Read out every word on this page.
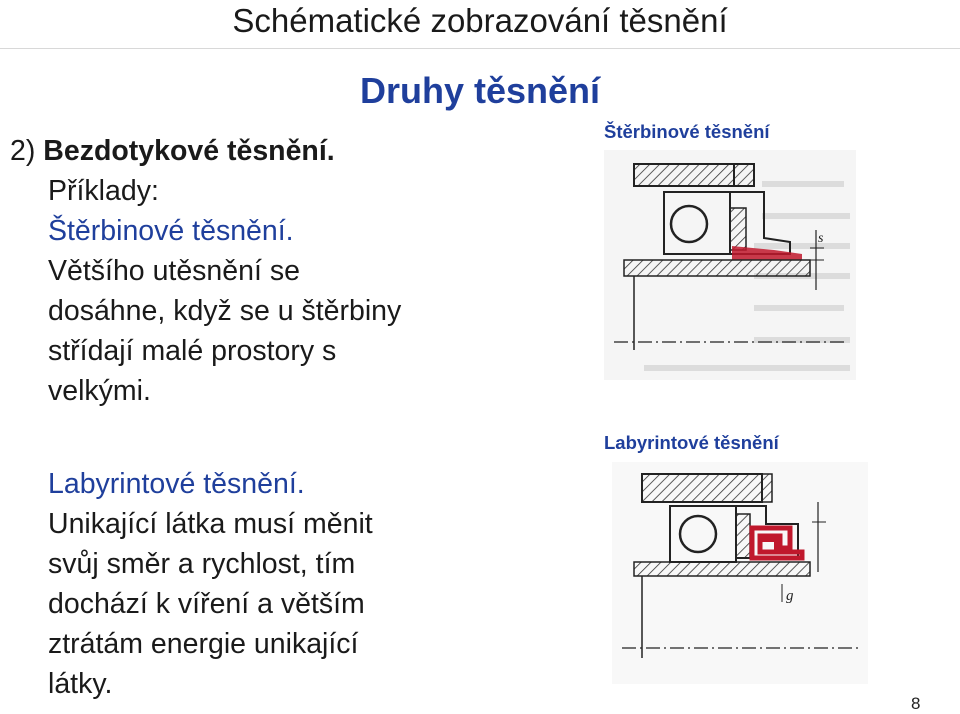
Schématické zobrazování těsnění
Druhy těsnění
2) Bezdotykové těsnění.
Příklady:
Štěrbinové těsnění.
Většího utěsnění se
dosáhne, když se u štěrbiny
střídají malé prostory s
velkými.
Labyrintové těsnění.
Unikající látka musí měnit
svůj směr a rychlost, tím
dochází k víření a větším
ztrátám energie unikající
látky.
Štěrbinové těsnění
Labyrintové těsnění
s
g
8
